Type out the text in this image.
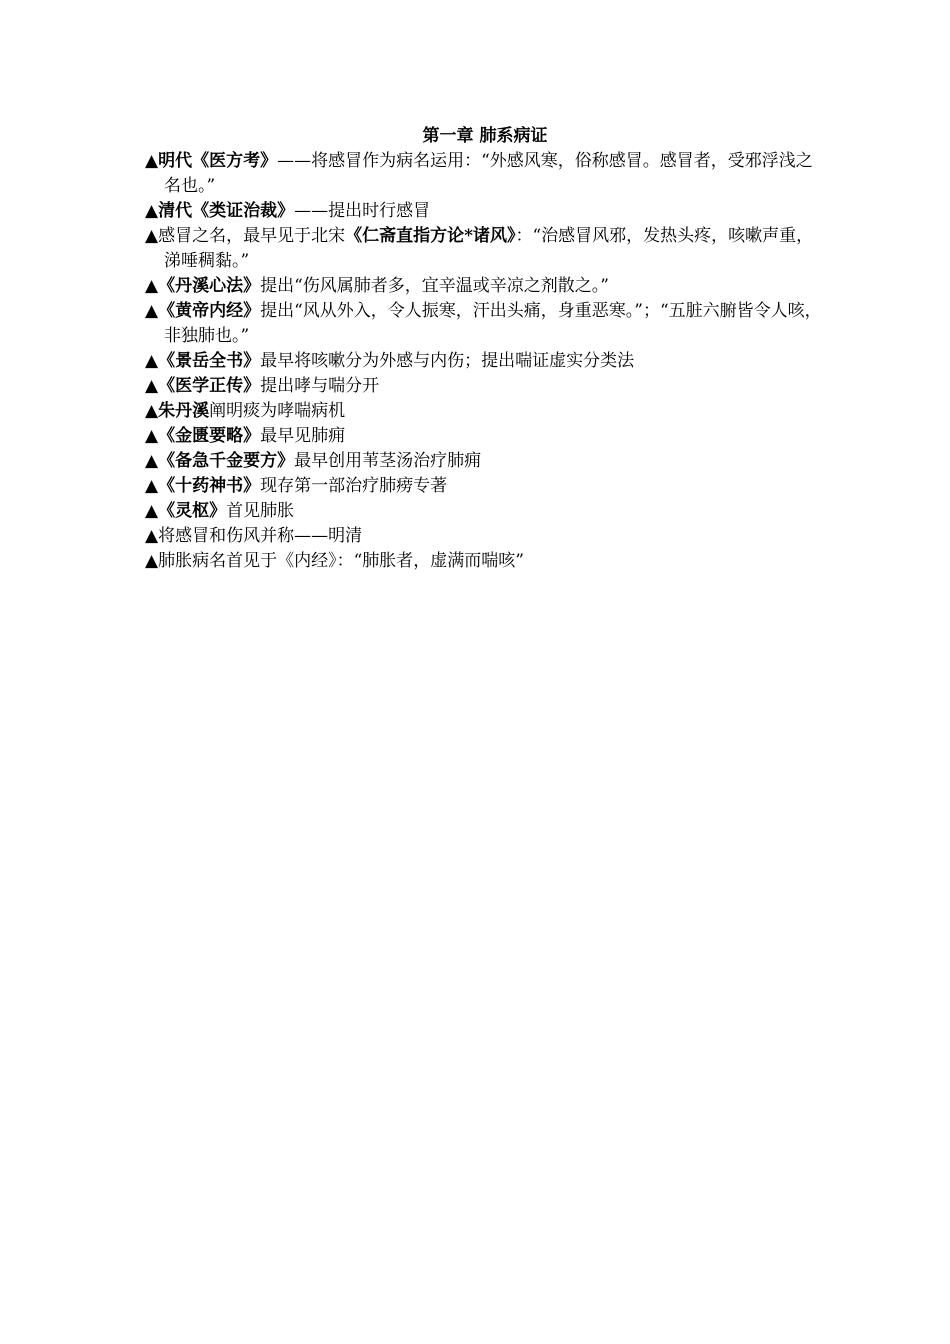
第一章 肺系病证
▲明代《医方考》——将感冒作为病名运用：“外感风寒，俗称感冒。感冒者，受邪浮浅之名也。”
▲清代《类证治裁》——提出时行感冒
▲感冒之名，最早见于北宋《仁斋直指方论*诸风》：“治感冒风邪，发热头疼，咳嗽声重，涕唾稠黏。”
▲《丹溪心法》提出“伤风属肺者多，宜辛温或辛凉之剂散之。”
▲《黄帝内经》提出“风从外入，令人振寒，汗出头痛，身重恶寒。”；“五脏六腑皆令人咳，非独肺也。”
▲《景岳全书》最早将咳嗽分为外感与内伤；提出喘证虚实分类法
▲《医学正传》提出哮与喘分开
▲朱丹溪阐明痰为哮喘病机
▲《金匮要略》最早见肺痈
▲《备急千金要方》最早创用苇茎汤治疗肺痈
▲《十药神书》现存第一部治疗肺痨专著
▲《灵枢》首见肺胀
▲将感冒和伤风并称——明清
▲肺胀病名首见于《内经》：“肺胀者，虚满而喘咳”
